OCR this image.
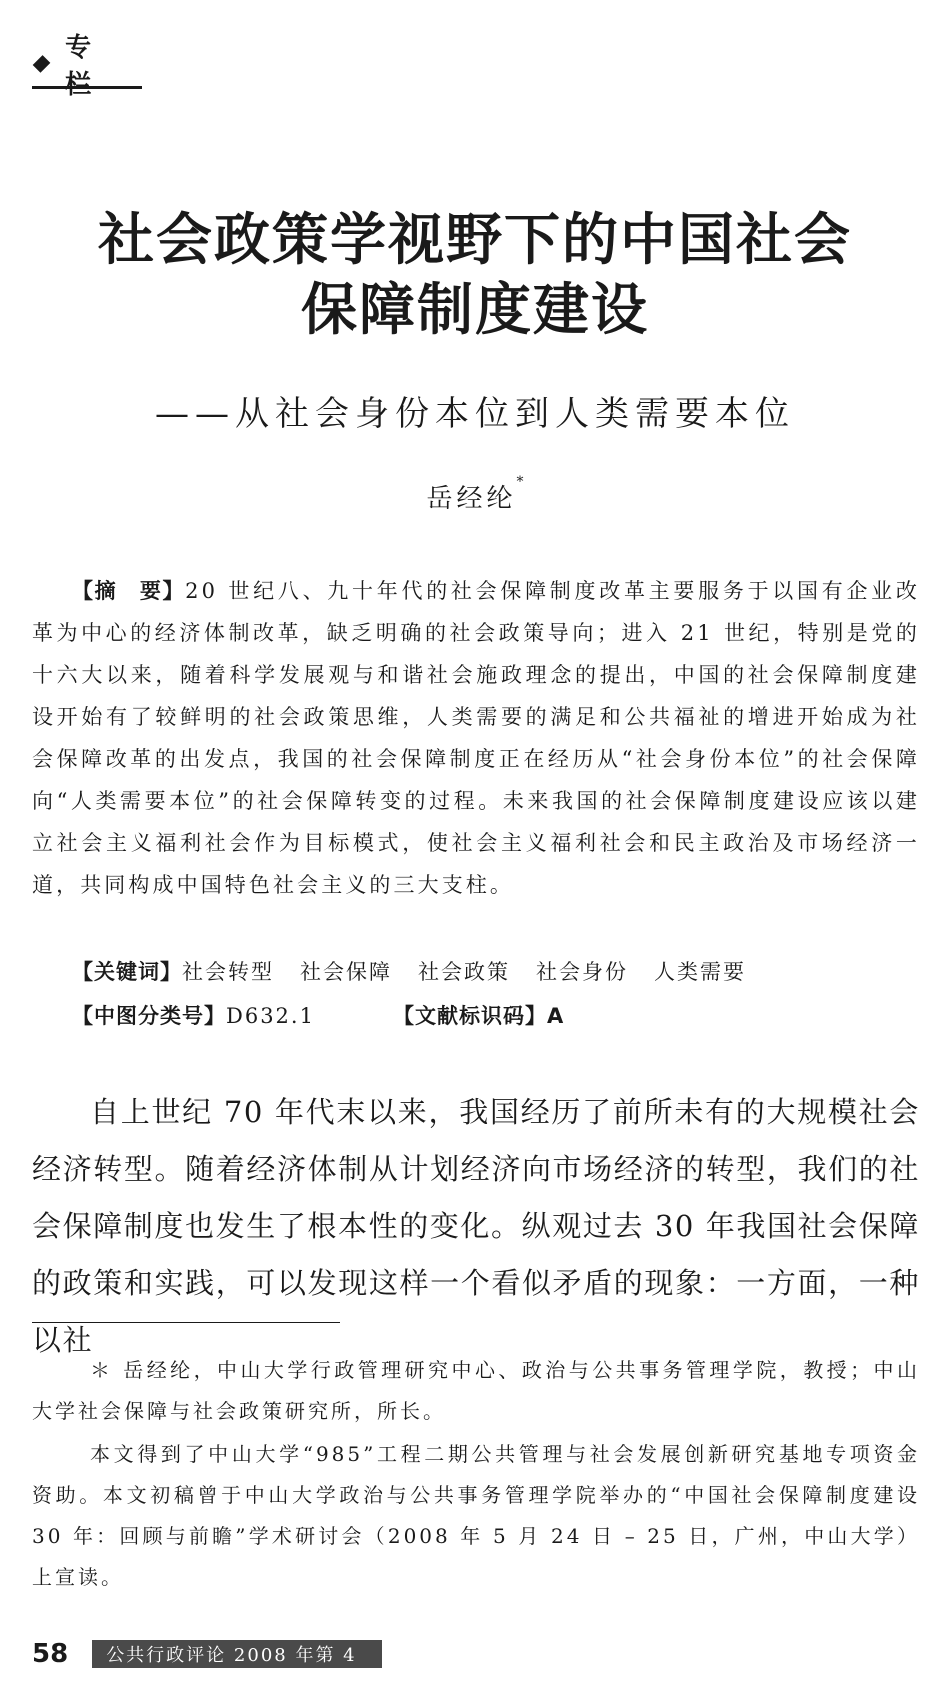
专 栏
社会政策学视野下的中国社会
保障制度建设
——从社会身份本位到人类需要本位
岳经纶*
【摘　要】20 世纪八、九十年代的社会保障制度改革主要服务于以国有企业改革为中心的经济体制改革，缺乏明确的社会政策导向；进入 21 世纪，特别是党的十六大以来，随着科学发展观与和谐社会施政理念的提出，中国的社会保障制度建设开始有了较鲜明的社会政策思维，人类需要的满足和公共福祉的增进开始成为社会保障改革的出发点，我国的社会保障制度正在经历从“社会身份本位”的社会保障向“人类需要本位”的社会保障转变的过程。未来我国的社会保障制度建设应该以建立社会主义福利社会作为目标模式，使社会主义福利社会和民主政治及市场经济一道，共同构成中国特色社会主义的三大支柱。
【关键词】社会转型 社会保障 社会政策 社会身份 人类需要
【中图分类号】D632.1	【文献标识码】A
自上世纪 70 年代末以来，我国经历了前所未有的大规模社会经济转型。随着经济体制从计划经济向市场经济的转型，我们的社会保障制度也发生了根本性的变化。纵观过去 30 年我国社会保障的政策和实践，可以发现这样一个看似矛盾的现象：一方面，一种以社
＊ 岳经纶，中山大学行政管理研究中心、政治与公共事务管理学院，教授；中山大学社会保障与社会政策研究所，所长。
本文得到了中山大学“985”工程二期公共管理与社会发展创新研究基地专项资金资助。本文初稿曾于中山大学政治与公共事务管理学院举办的“中国社会保障制度建设 30 年：回顾与前瞻”学术研讨会（2008 年 5 月 24 日 – 25 日，广州，中山大学）上宣读。
58	公共行政评论 2008 年第 4 期
